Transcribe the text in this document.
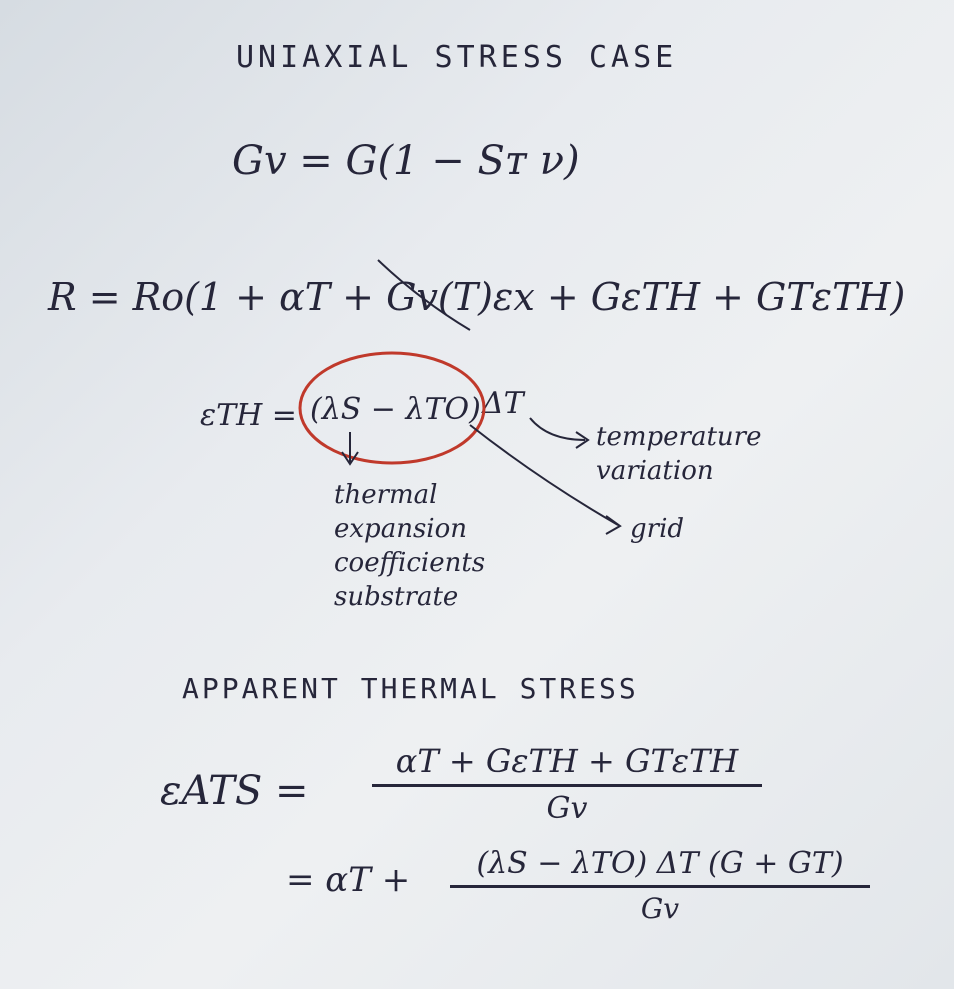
UNIAXIAL STRESS CASE
Gv = G(1 − Sᴛ ν)
R = Ro(1 + αT + Gv(T)εx + GεTH + GTεTH)
εTH = (λS − λTO) ΔT
temperature
variation
grid
thermal
expansion
coefficients
substrate
APPARENT THERMAL STRESS
εATS =
αT + GεTH + GTεTH
Gv
= αT +	(λS − λTO) ΔT (G + GT)
Gv
